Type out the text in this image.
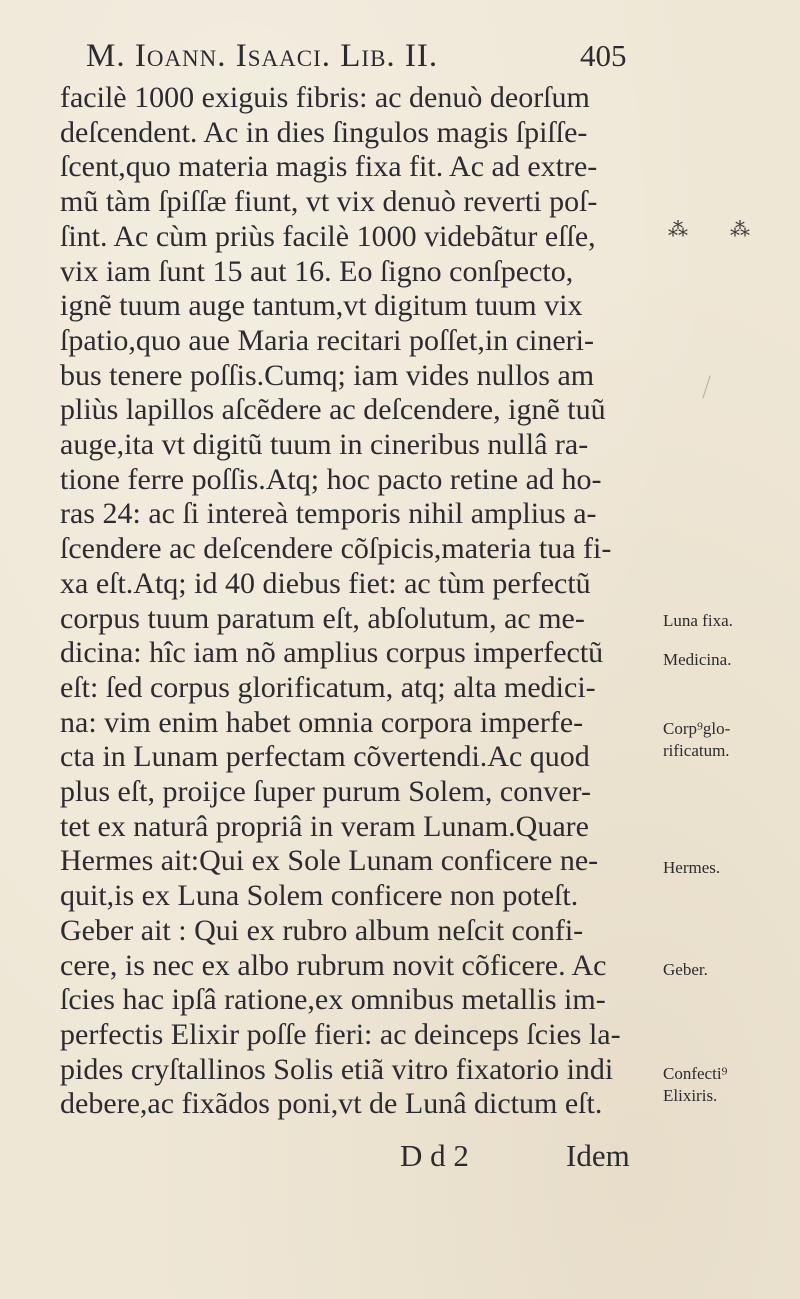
M. Ioann. Isaaci. Lib. II.	405
facilè 1000 exiguis fibris: ac denuò deorſum
deſcendent. Ac in dies ſingulos magis ſpiſſe-
ſcent,quo materia magis fixa fit. Ac ad extre-
mũ tàm ſpiſſæ fiunt, vt vix denuò reverti poſ-
ſint. Ac cùm priùs facilè 1000 videbãtur eſſe,
vix iam ſunt 15 aut 16. Eo ſigno conſpecto,
ignẽ tuum auge tantum,vt digitum tuum vix
ſpatio,quo aue Maria recitari poſſet,in cineri-
bus tenere poſſis.Cumq; iam vides nullos am
pliùs lapillos aſcẽdere ac deſcendere, ignẽ tuũ
auge,ita vt digitũ tuum in cineribus nullâ ra-
tione ferre poſſis.Atq; hoc pacto retine ad ho-
ras 24: ac ſi intereà temporis nihil amplius a-
ſcendere ac deſcendere cõſpicis,materia tua fi-
xa eſt.Atq; id 40 diebus fiet: ac tùm perfectũ
corpus tuum paratum eſt, abſolutum, ac me-
dicina: hîc iam nõ amplius corpus imperfectũ
eſt: ſed corpus glorificatum, atq; alta medici-
na: vim enim habet omnia corpora imperfe-
cta in Lunam perfectam cõvertendi.Ac quod
plus eſt, proijce ſuper purum Solem, conver-
tet ex naturâ propriâ in veram Lunam.Quare
Hermes ait:Qui ex Sole Lunam conficere ne-
quit,is ex Luna Solem conficere non poteſt.
Geber ait : Qui ex rubro album neſcit confi-
cere, is nec ex albo rubrum novit cõficere. Ac
ſcies hac ipſâ ratione,ex omnibus metallis im-
perfectis Elixir poſſe fieri: ac deinceps ſcies la-
pides cryſtallinos Solis etiã vitro fixatorio indi
debere,ac fixãdos poni,vt de Lunâ dictum eſt.
Luna fixa.
Medicina.
Corp⁹glo-
rificatum.
Hermes.
Geber.
Confecti⁹
Elixiris.
⁂ ⁂
D d 2	Idem
